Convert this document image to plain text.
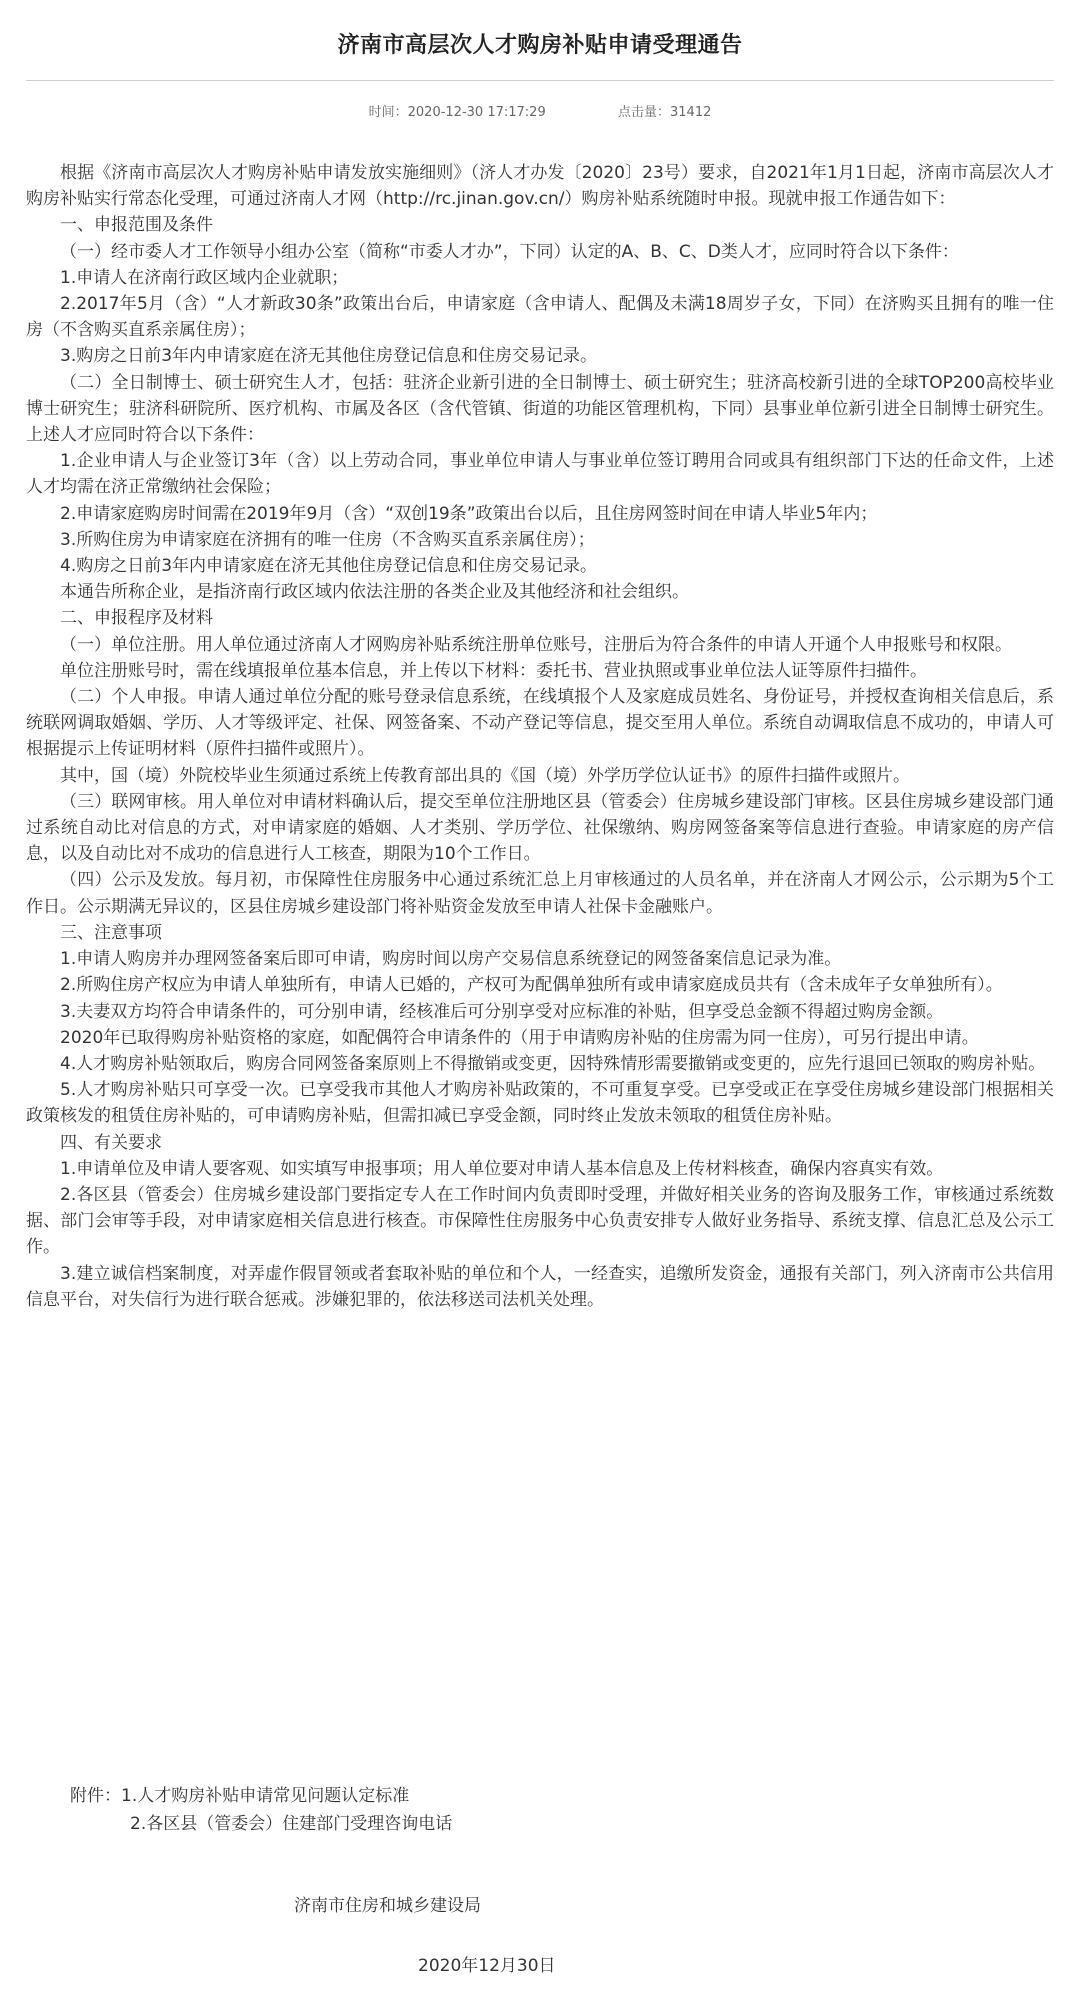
济南市高层次人才购房补贴申请受理通告
时间：2020-12-30 17:17:29	点击量：31412

根据《济南市高层次人才购房补贴申请发放实施细则》（济人才办发〔2020〕23号）要求，自2021年1月1日起，济南市高层次人才购房补贴实行常态化受理，可通过济南人才网（http://rc.jinan.gov.cn/）购房补贴系统随时申报。现就申报工作通告如下：

一、申报范围及条件

（一）经市委人才工作领导小组办公室（简称“市委人才办”，下同）认定的A、B、C、D类人才，应同时符合以下条件：

1.申请人在济南行政区域内企业就职；

2.2017年5月（含）“人才新政30条”政策出台后，申请家庭（含申请人、配偶及未满18周岁子女，下同）在济购买且拥有的唯一住房（不含购买直系亲属住房）；

3.购房之日前3年内申请家庭在济无其他住房登记信息和住房交易记录。

（二）全日制博士、硕士研究生人才，包括：驻济企业新引进的全日制博士、硕士研究生；驻济高校新引进的全球TOP200高校毕业博士研究生；驻济科研院所、医疗机构、市属及各区（含代管镇、街道的功能区管理机构，下同）县事业单位新引进全日制博士研究生。上述人才应同时符合以下条件：

1.企业申请人与企业签订3年（含）以上劳动合同，事业单位申请人与事业单位签订聘用合同或具有组织部门下达的任命文件，上述人才均需在济正常缴纳社会保险；

2.申请家庭购房时间需在2019年9月（含）“双创19条”政策出台以后，且住房网签时间在申请人毕业5年内；

3.所购住房为申请家庭在济拥有的唯一住房（不含购买直系亲属住房）；

4.购房之日前3年内申请家庭在济无其他住房登记信息和住房交易记录。

本通告所称企业，是指济南行政区域内依法注册的各类企业及其他经济和社会组织。

二、申报程序及材料

（一）单位注册。用人单位通过济南人才网购房补贴系统注册单位账号，注册后为符合条件的申请人开通个人申报账号和权限。

单位注册账号时，需在线填报单位基本信息，并上传以下材料：委托书、营业执照或事业单位法人证等原件扫描件。

（二）个人申报。申请人通过单位分配的账号登录信息系统，在线填报个人及家庭成员姓名、身份证号，并授权查询相关信息后，系统联网调取婚姻、学历、人才等级评定、社保、网签备案、不动产登记等信息，提交至用人单位。系统自动调取信息不成功的，申请人可根据提示上传证明材料（原件扫描件或照片）。

其中，国（境）外院校毕业生须通过系统上传教育部出具的《国（境）外学历学位认证书》的原件扫描件或照片。

（三）联网审核。用人单位对申请材料确认后，提交至单位注册地区县（管委会）住房城乡建设部门审核。区县住房城乡建设部门通过系统自动比对信息的方式，对申请家庭的婚姻、人才类别、学历学位、社保缴纳、购房网签备案等信息进行查验。申请家庭的房产信息，以及自动比对不成功的信息进行人工核查，期限为10个工作日。

（四）公示及发放。每月初，市保障性住房服务中心通过系统汇总上月审核通过的人员名单，并在济南人才网公示，公示期为5个工作日。公示期满无异议的，区县住房城乡建设部门将补贴资金发放至申请人社保卡金融账户。

三、注意事项

1.申请人购房并办理网签备案后即可申请，购房时间以房产交易信息系统登记的网签备案信息记录为准。

2.所购住房产权应为申请人单独所有，申请人已婚的，产权可为配偶单独所有或申请家庭成员共有（含未成年子女单独所有）。

3.夫妻双方均符合申请条件的，可分别申请，经核准后可分别享受对应标准的补贴，但享受总金额不得超过购房金额。

2020年已取得购房补贴资格的家庭，如配偶符合申请条件的（用于申请购房补贴的住房需为同一住房），可另行提出申请。

4.人才购房补贴领取后，购房合同网签备案原则上不得撤销或变更，因特殊情形需要撤销或变更的，应先行退回已领取的购房补贴。

5.人才购房补贴只可享受一次。已享受我市其他人才购房补贴政策的，不可重复享受。已享受或正在享受住房城乡建设部门根据相关政策核发的租赁住房补贴的，可申请购房补贴，但需扣减已享受金额，同时终止发放未领取的租赁住房补贴。

四、有关要求

1.申请单位及申请人要客观、如实填写申报事项；用人单位要对申请人基本信息及上传材料核查，确保内容真实有效。

2.各区县（管委会）住房城乡建设部门要指定专人在工作时间内负责即时受理，并做好相关业务的咨询及服务工作，审核通过系统数据、部门会审等手段，对申请家庭相关信息进行核查。市保障性住房服务中心负责安排专人做好业务指导、系统支撑、信息汇总及公示工作。

3.建立诚信档案制度，对弄虚作假冒领或者套取补贴的单位和个人，一经查实，追缴所发资金，通报有关部门，列入济南市公共信用信息平台，对失信行为进行联合惩戒。涉嫌犯罪的，依法移送司法机关处理。

附件：1.人才购房补贴申请常见问题认定标准
2.各区县（管委会）住建部门受理咨询电话
济南市住房和城乡建设局
2020年12月30日
